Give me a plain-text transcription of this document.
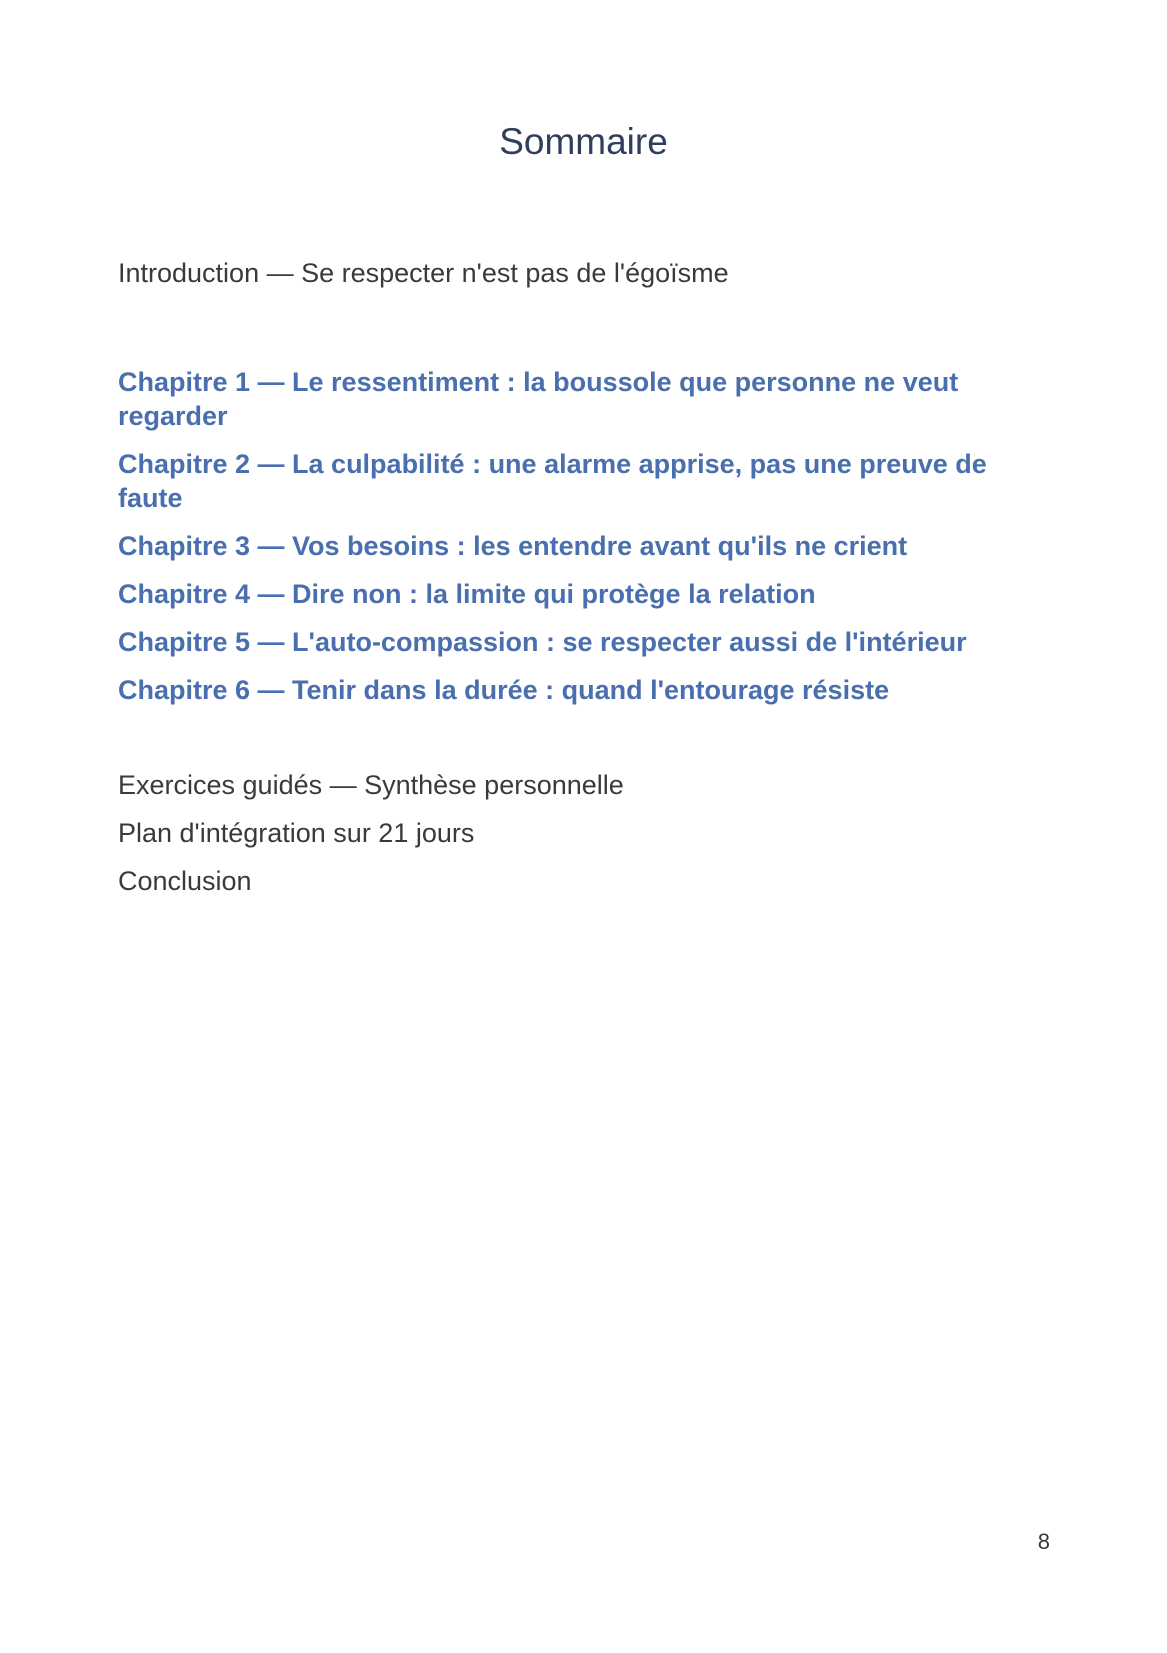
Sommaire

Introduction — Se respecter n'est pas de l'égoïsme

Chapitre 1 — Le ressentiment : la boussole que personne ne veut regarder
Chapitre 2 — La culpabilité : une alarme apprise, pas une preuve de faute
Chapitre 3 — Vos besoins : les entendre avant qu'ils ne crient
Chapitre 4 — Dire non : la limite qui protège la relation
Chapitre 5 — L'auto-compassion : se respecter aussi de l'intérieur
Chapitre 6 — Tenir dans la durée : quand l'entourage résiste
Exercices guidés — Synthèse personnelle
Plan d'intégration sur 21 jours
Conclusion
8
